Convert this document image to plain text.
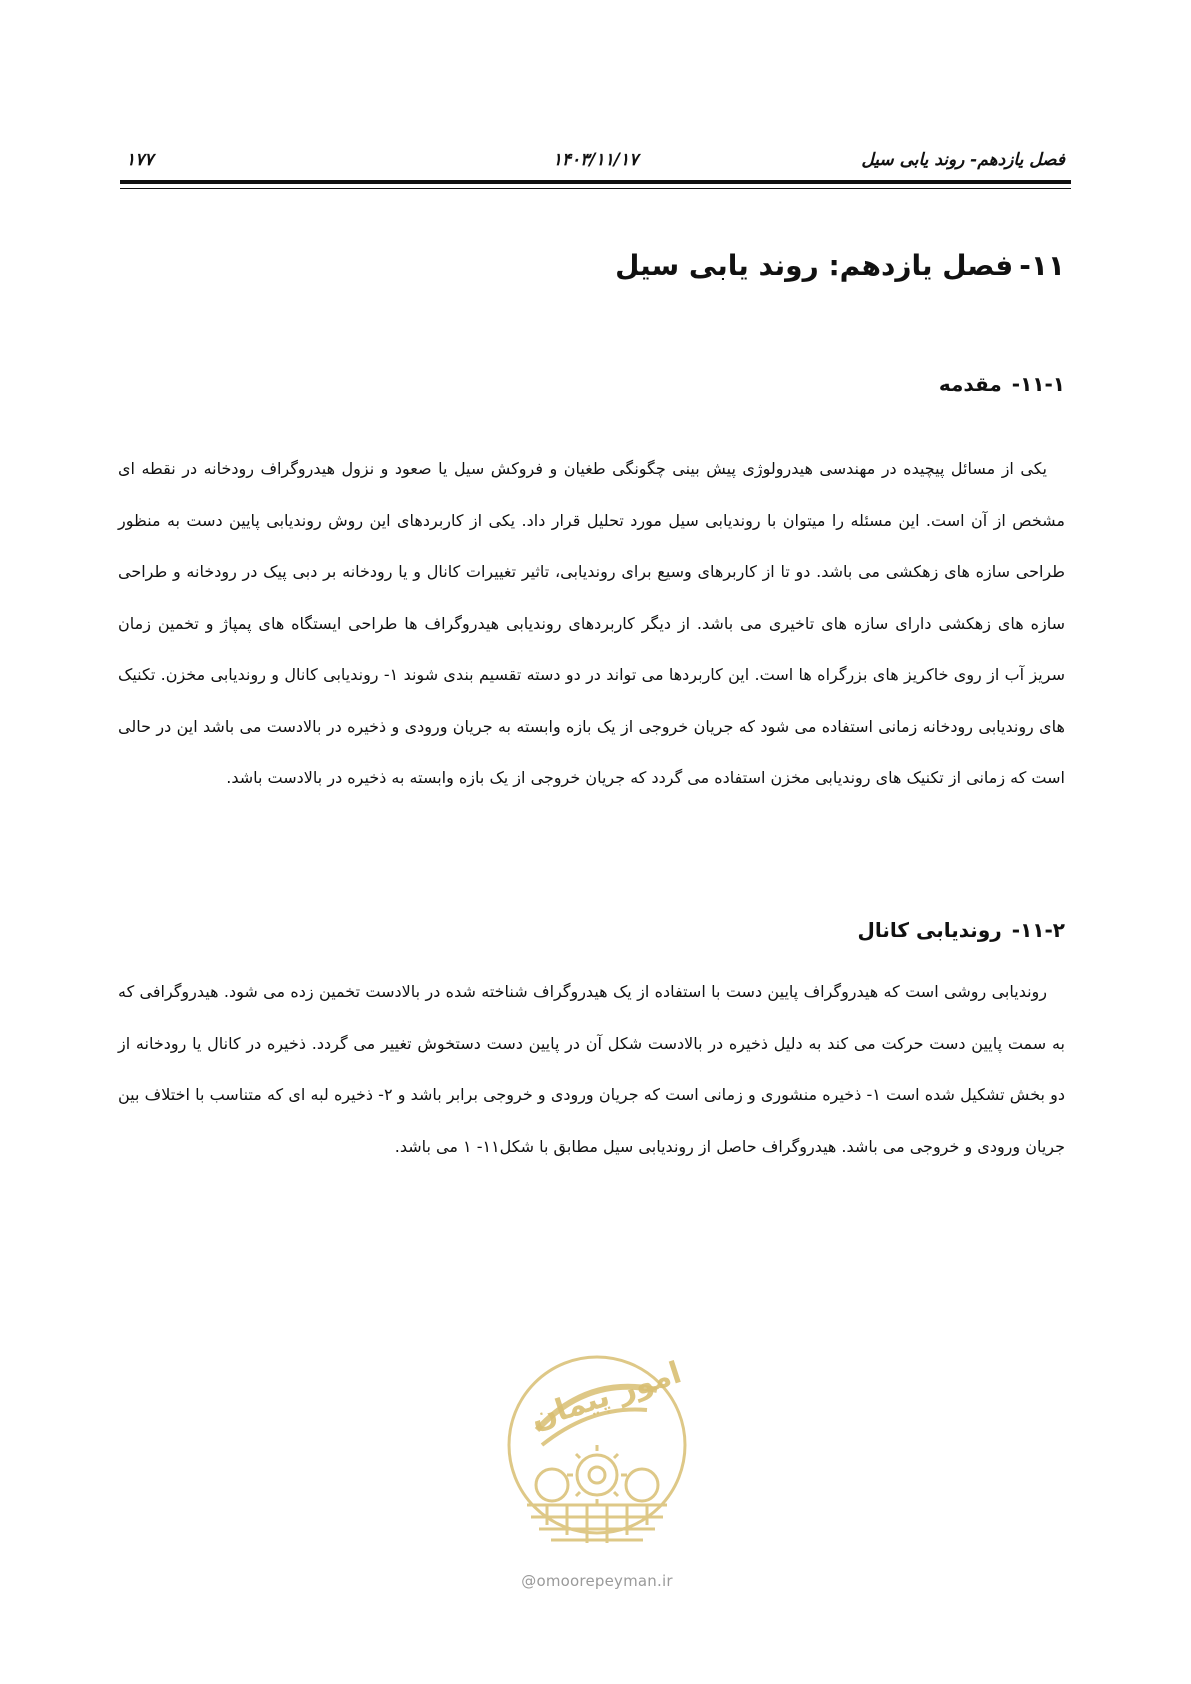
فصل یازدهم- روند یابی سیل
۱۴۰۳/۱۱/۱۷
۱۷۷
۱۱-فصل یازدهم: روند یابی سیل
۱۱-۱-مقدمه

یکی از مسائل پیچیده در مهندسی هیدرولوژی پیش بینی چگونگی طغیان و فروکش سیل یا صعود و نزول هیدروگراف رودخانه در نقطه ای مشخص از آن است. این مسئله را میتوان با روندیابی سیل مورد تحلیل قرار داد. یکی از کاربردهای این روش روندیابی پایین دست به منظور طراحی سازه های زهکشی می باشد. دو تا از کاربرهای وسیع برای روندیابی، تاثیر تغییرات کانال و یا رودخانه بر دبی پیک در رودخانه و طراحی سازه های زهکشی دارای سازه های تاخیری می باشد. از دیگر کاربردهای روندیابی هیدروگراف ها طراحی ایستگاه های پمپاژ و تخمین زمان سریز آب از روی خاکریز های بزرگراه ها است. این کاربردها می تواند در دو دسته تقسیم بندی شوند ۱- روندیابی کانال و روندیابی مخزن. تکنیک های روندیابی رودخانه زمانی استفاده می شود که جریان خروجی از یک بازه وابسته به جریان ورودی و ذخیره در بالادست می باشد این در حالی است که زمانی از تکنیک های روندیابی مخزن استفاده می گردد که جریان خروجی از یک بازه وابسته به ذخیره در بالادست باشد.

۱۱-۲-روندیابی کانال

روندیابی روشی است که هیدروگراف پایین دست با استفاده از یک هیدروگراف شناخته شده در بالادست تخمین زده می شود. هیدروگرافی که به سمت پایین دست حرکت می کند به دلیل ذخیره در بالادست شکل آن در پایین دست دستخوش تغییر می گردد. ذخیره در کانال یا رودخانه از دو بخش تشکیل شده است ۱- ذخیره منشوری و زمانی است که جریان ورودی و خروجی برابر باشد و ۲- ذخیره لبه ای که متناسب با اختلاف بین جریان ورودی و خروجی می باشد. هیدروگراف حاصل از روندیابی سیل مطابق با شکل۱۱- ۱ می باشد.

امور پیمان
@omoorepeyman.ir
